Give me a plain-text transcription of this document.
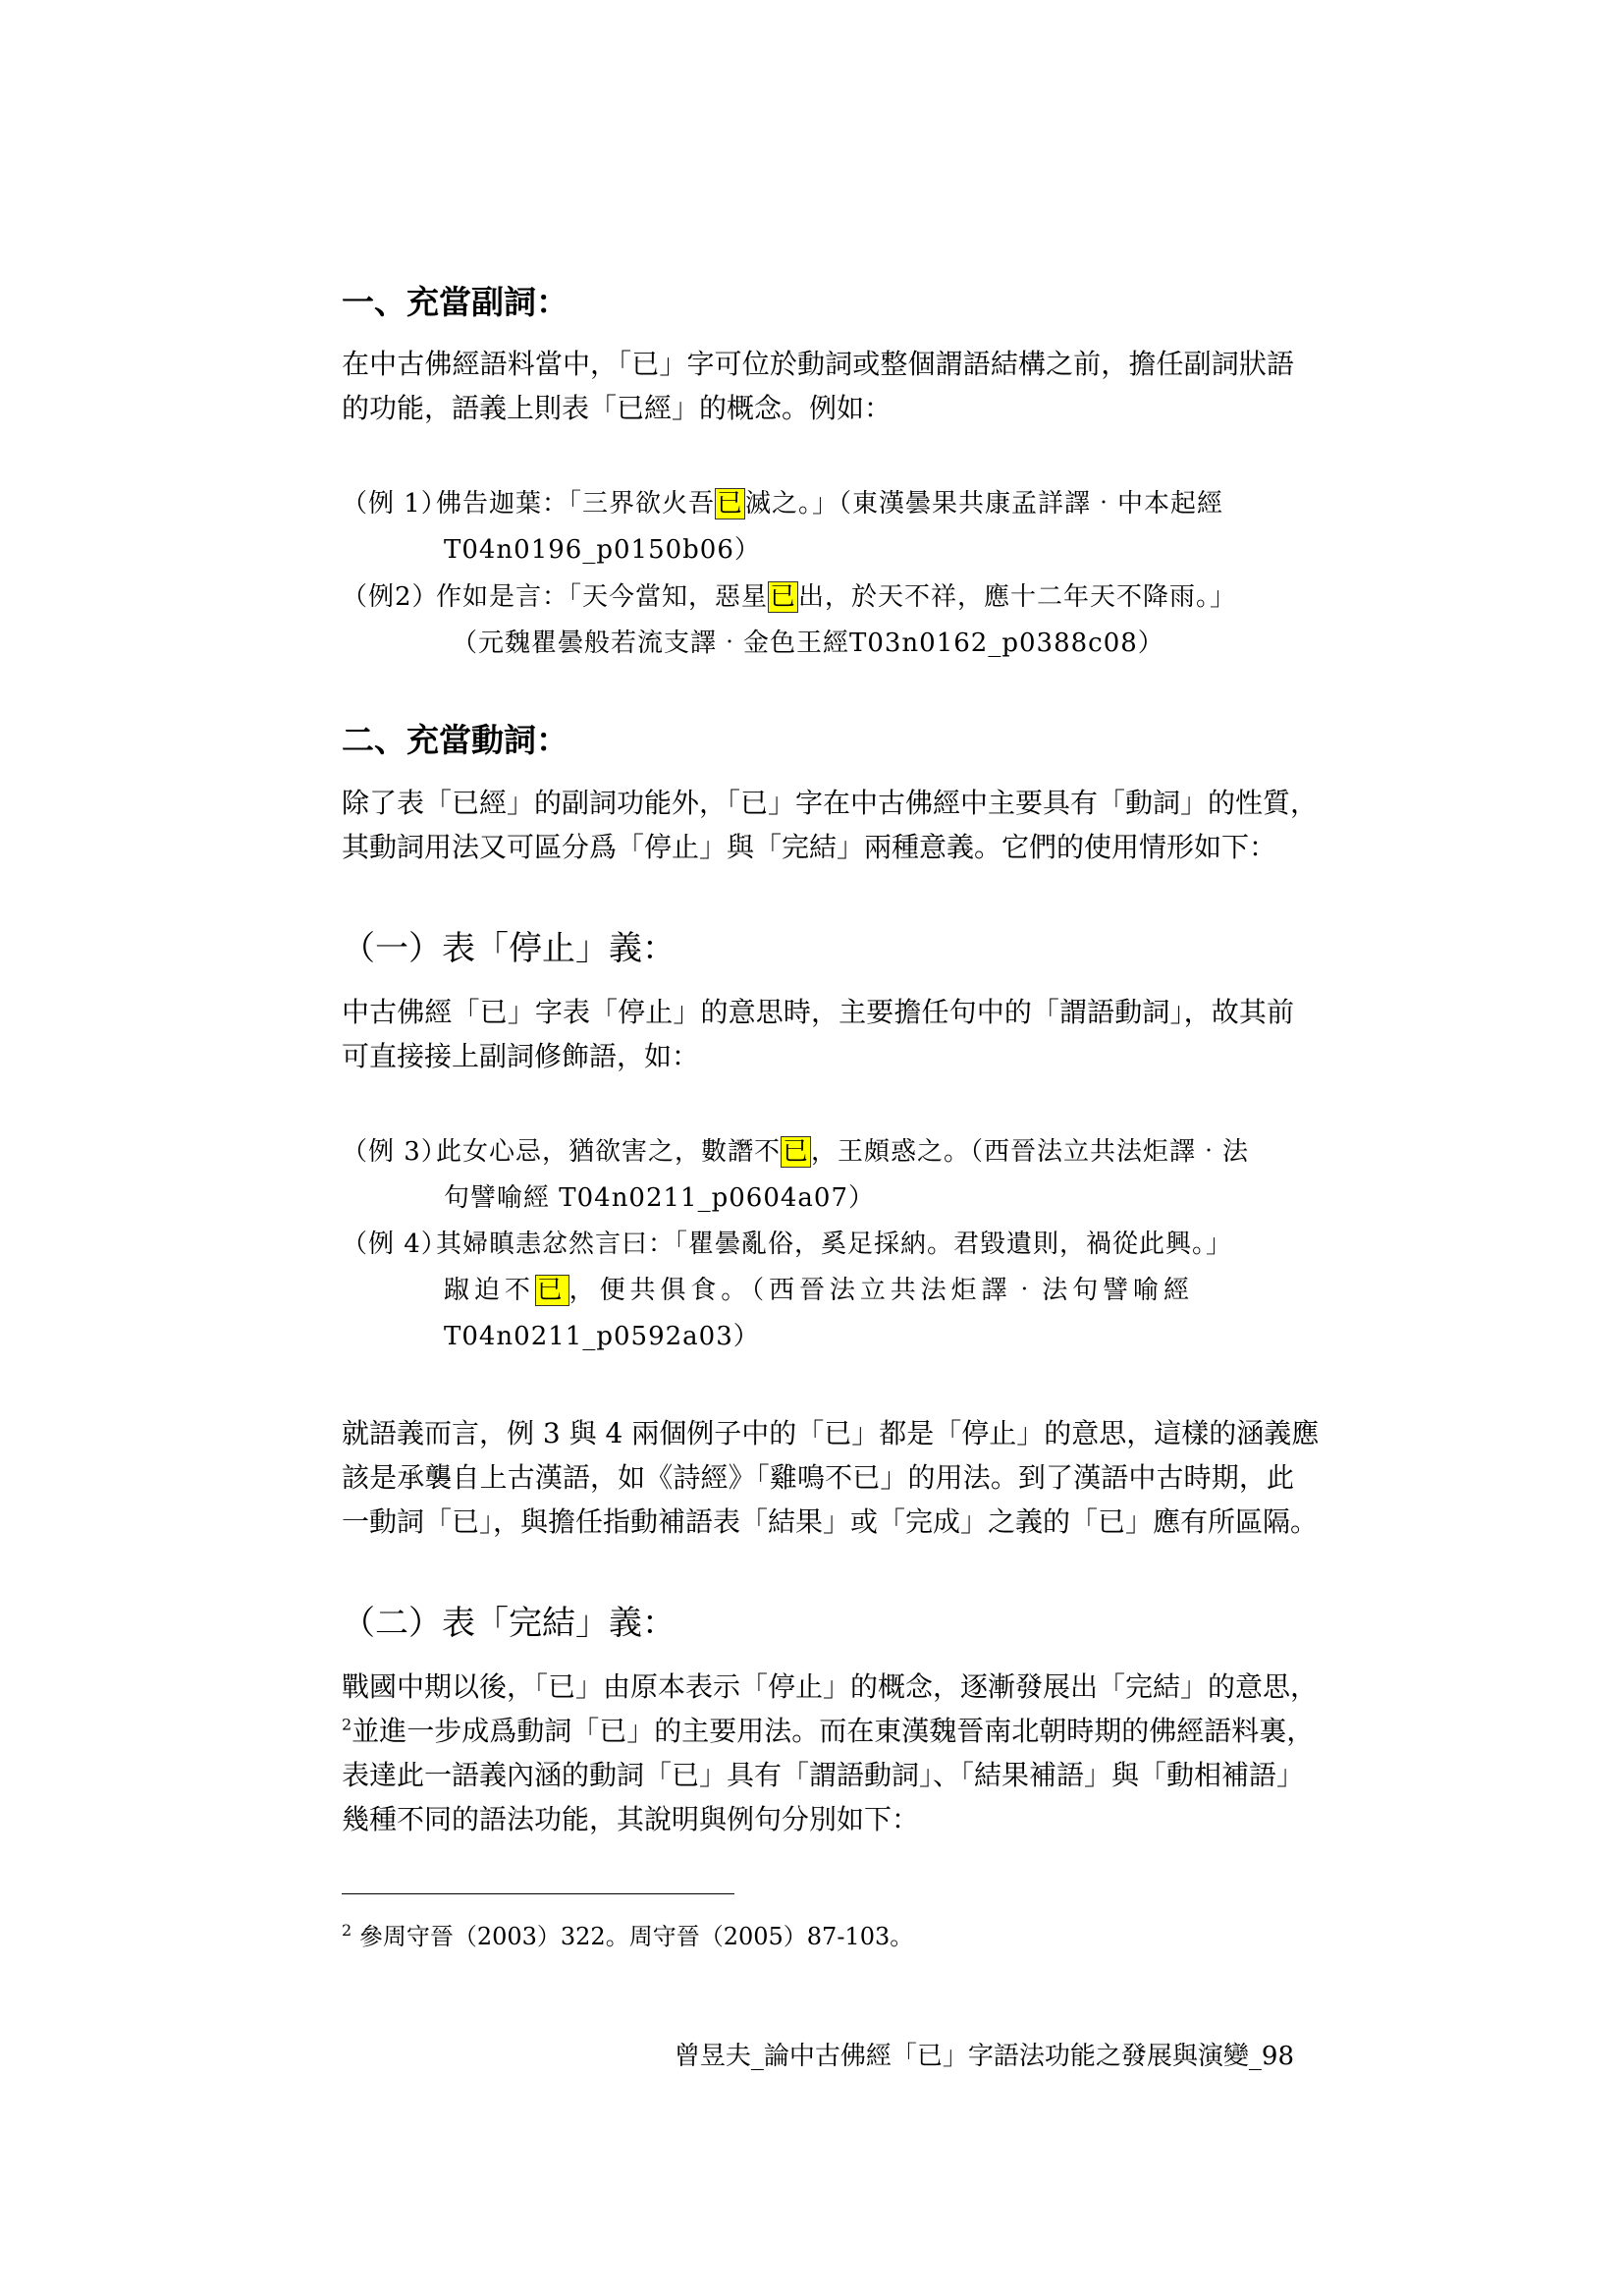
一、充當副詞：
在中古佛經語料當中，「已」字可位於動詞或整個謂語結構之前，擔任副詞狀語
的功能，語義上則表「已經」的概念。例如：
（例 1）佛告迦葉：「三界欲火吾已滅之。」（東漢曇果共康孟詳譯‧中本起經
T04n0196_p0150b06）
（例2）作如是言：「天今當知，惡星已出，於天不祥，應十二年天不降雨。」
（元魏瞿曇般若流支譯‧金色王經T03n0162_p0388c08）
二、充當動詞：
除了表「已經」的副詞功能外，「已」字在中古佛經中主要具有「動詞」的性質，
其動詞用法又可區分爲「停止」與「完結」兩種意義。它們的使用情形如下：
（一）表「停止」義：
中古佛經「已」字表「停止」的意思時，主要擔任句中的「謂語動詞」，故其前
可直接接上副詞修飾語，如：
（例 3）此女心忌，猶欲害之，數譖不已，王頗惑之。（西晉法立共法炬譯‧法
句譬喻經 T04n0211_p0604a07）
（例 4）其婦瞋恚忿然言曰：「瞿曇亂俗，奚足採納。君毀遺則，禍從此興。」
踧迫不已，便共俱食。（西晉法立共法炬譯‧法句譬喻經
T04n0211_p0592a03）
就語義而言，例 3 與 4 兩個例子中的「已」都是「停止」的意思，這樣的涵義應
該是承襲自上古漢語，如《詩經》「雞鳴不已」的用法。到了漢語中古時期，此
一動詞「已」，與擔任指動補語表「結果」或「完成」之義的「已」應有所區隔。
（二）表「完結」義：
戰國中期以後，「已」由原本表示「停止」的概念，逐漸發展出「完結」的意思，
$^2$並進一步成爲動詞「已」的主要用法。而在東漢魏晉南北朝時期的佛經語料裏，
表達此一語義內涵的動詞「已」具有「謂語動詞」、「結果補語」與「動相補語」
幾種不同的語法功能，其說明與例句分別如下：
$^2$ 參周守晉（2003）322。周守晉（2005）87-103。
曾昱夫_論中古佛經「已」字語法功能之發展與演變_98
